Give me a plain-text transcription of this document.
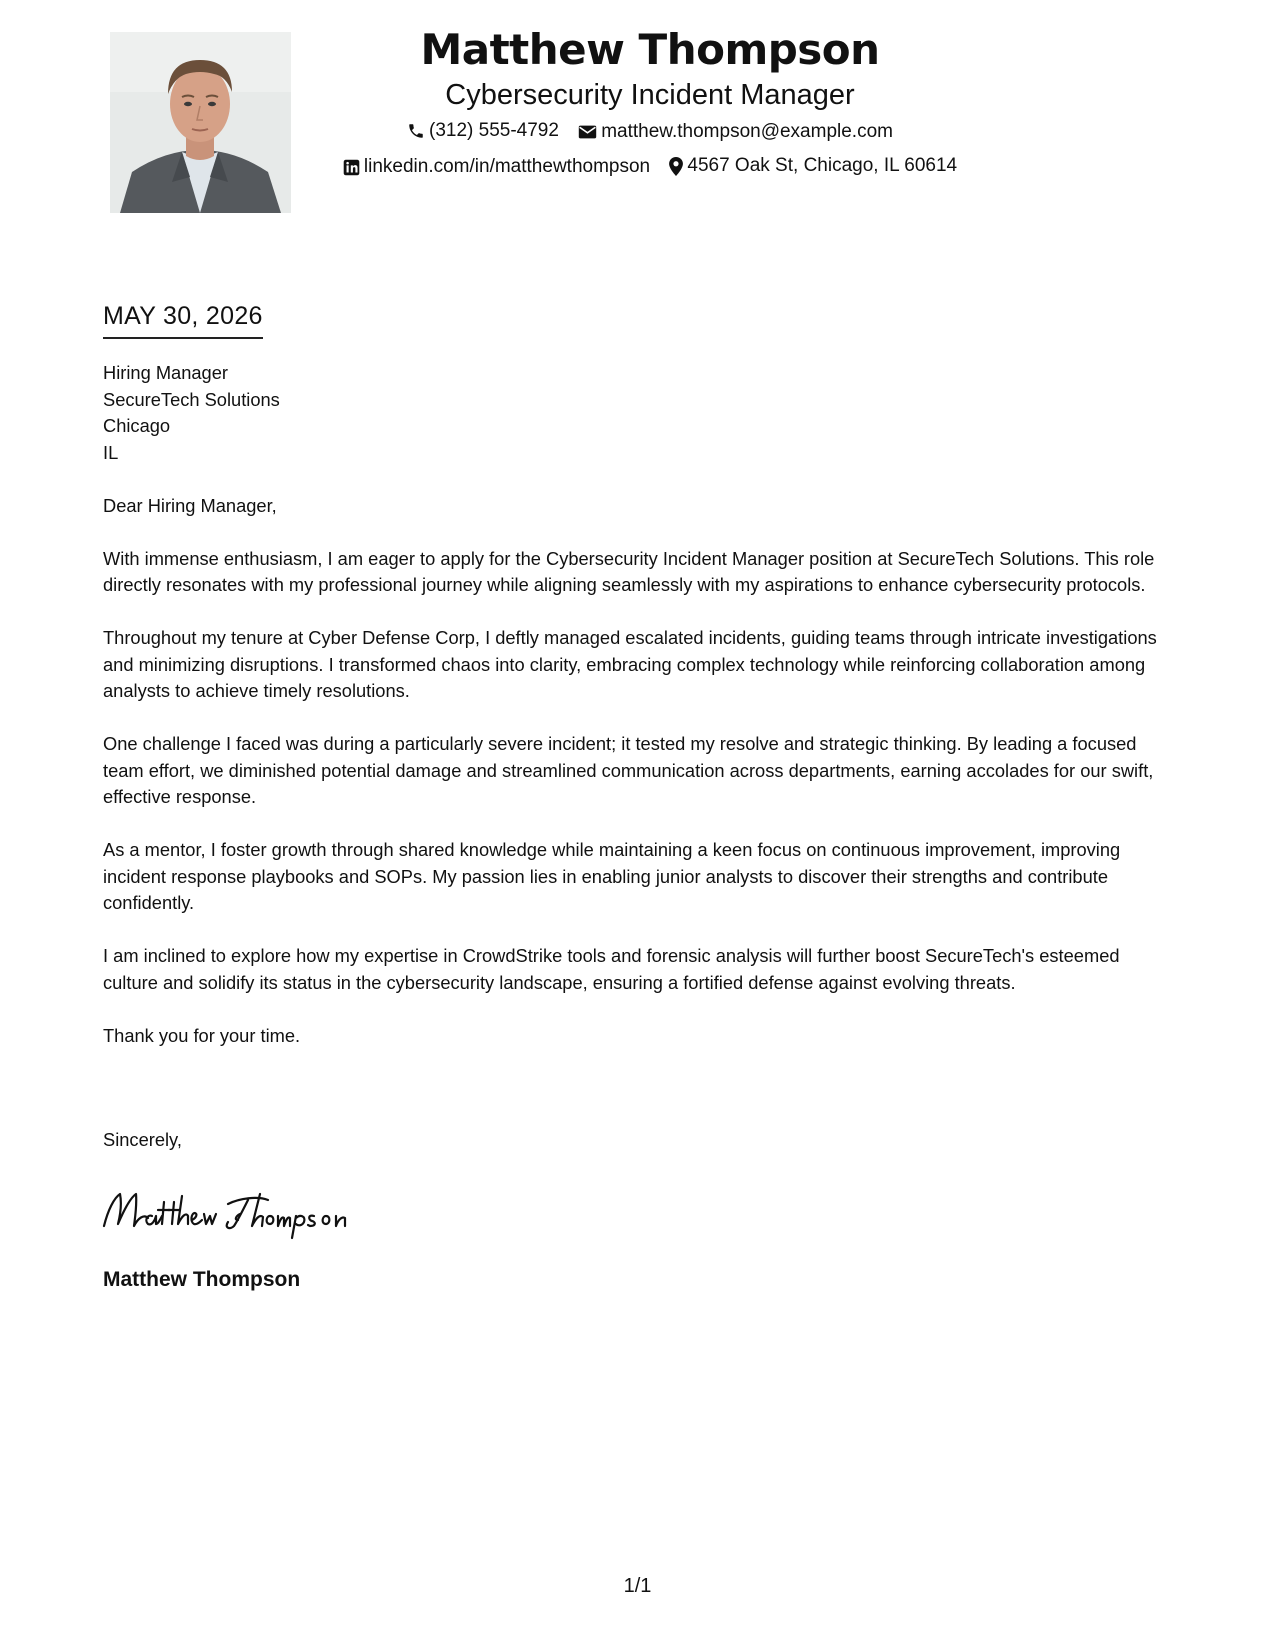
Matthew Thompson
Cybersecurity Incident Manager
(312) 555-4792
matthew.thompson@example.com
linkedin.com/in/matthewthompson
4567 Oak St, Chicago, IL 60614
MAY 30, 2026
Hiring Manager
SecureTech Solutions
Chicago
IL

Dear Hiring Manager,

With immense enthusiasm, I am eager to apply for the Cybersecurity Incident Manager position at SecureTech Solutions. This role directly resonates with my professional journey while aligning seamlessly with my aspirations to enhance cybersecurity protocols.

Throughout my tenure at Cyber Defense Corp, I deftly managed escalated incidents, guiding teams through intricate investigations and minimizing disruptions. I transformed chaos into clarity, embracing complex technology while reinforcing collaboration among analysts to achieve timely resolutions.

One challenge I faced was during a particularly severe incident; it tested my resolve and strategic thinking. By leading a focused team effort, we diminished potential damage and streamlined communication across departments, earning accolades for our swift, effective response.

As a mentor, I foster growth through shared knowledge while maintaining a keen focus on continuous improvement, improving incident response playbooks and SOPs. My passion lies in enabling junior analysts to discover their strengths and contribute confidently.

I am inclined to explore how my expertise in CrowdStrike tools and forensic analysis will further boost SecureTech's esteemed culture and solidify its status in the cybersecurity landscape, ensuring a fortified defense against evolving threats.

Thank you for your time.

Sincerely,
Matthew Thompson
1/1
